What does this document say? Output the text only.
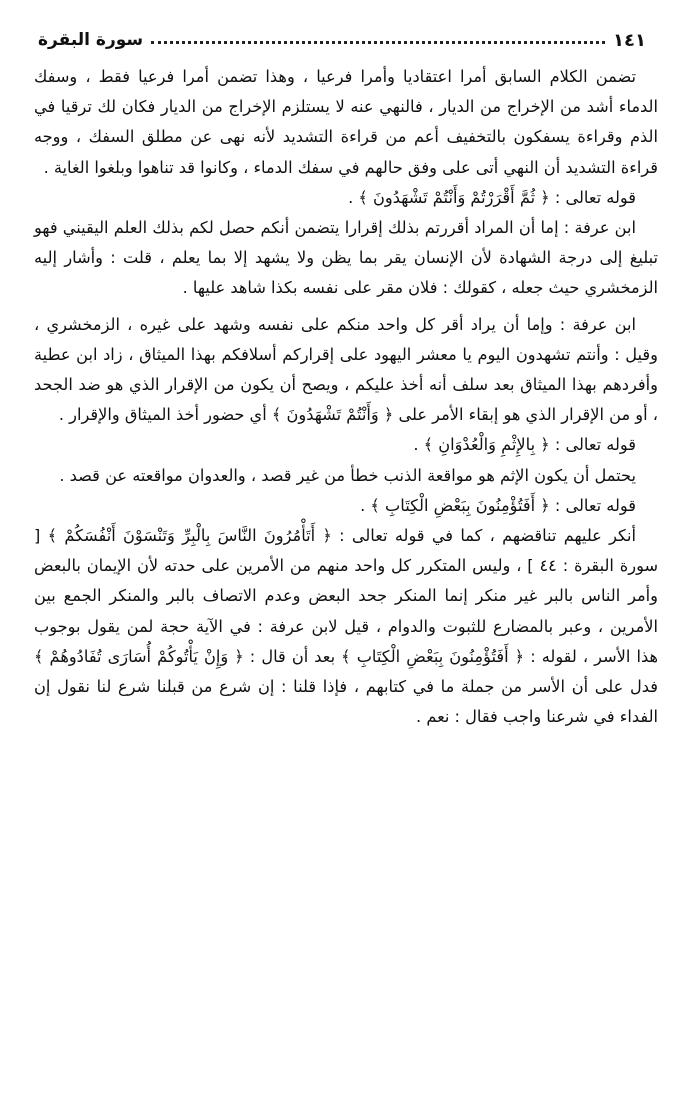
سورة البقرة	١٤١

تضمن الكلام السابق أمرا اعتقاديا وأمرا فرعيا ، وهذا تضمن أمرا فرعيا فقط ، وسفك الدماء أشد من الإخراج من الديار ، فالنهي عنه لا يستلزم الإخراج من الديار فكان لك ترقيا في الذم وقراءة يسفكون بالتخفيف أعم من قراءة التشديد لأنه نهى عن مطلق السفك ، ووجه قراءة التشديد أن النهي أتى على وفق حالهم في سفك الدماء ، وكانوا قد تناهوا وبلغوا الغاية .

قوله تعالى : ﴿ ثُمَّ أَقْرَرْتُمْ وَأَنْتُمْ تَشْهَدُونَ ﴾ .

ابن عرفة : إما أن المراد أقررتم بذلك إقرارا يتضمن أنكم حصل لكم بذلك العلم اليقيني فهو تبليغ إلى درجة الشهادة لأن الإنسان يقر بما يظن ولا يشهد إلا بما يعلم ، قلت : وأشار إليه الزمخشري حيث جعله ، كقولك : فلان مقر على نفسه بكذا شاهد عليها .

ابن عرفة : وإما أن يراد أقر كل واحد منكم على نفسه وشهد على غيره ، الزمخشري ، وقيل : وأنتم تشهدون اليوم يا معشر اليهود على إقراركم أسلافكم بهذا الميثاق ، زاد ابن عطية وأفردهم بهذا الميثاق بعد سلف أنه أخذ عليكم ، ويصح أن يكون من الإقرار الذي هو ضد الجحد ، أو من الإقرار الذي هو إبقاء الأمر على ﴿ وَأَنْتُمْ تَشْهَدُونَ ﴾ أي حضور أخذ الميثاق والإقرار .

قوله تعالى : ﴿ بِالإِثْمِ وَالْعُدْوَانِ ﴾ .

يحتمل أن يكون الإثم هو مواقعة الذنب خطأ من غير قصد ، والعدوان مواقعته عن قصد .

قوله تعالى : ﴿ أَفَتُؤْمِنُونَ بِبَعْضِ الْكِتَابِ ﴾ .

أنكر عليهم تناقضهم ، كما في قوله تعالى : ﴿ أَتَأْمُرُونَ النَّاسَ بِالْبِرِّ وَتَنْسَوْنَ أَنْفُسَكُمْ ﴾ [ سورة البقرة : ٤٤ ] ، وليس المتكرر كل واحد منهم من الأمرين على حدته لأن الإيمان بالبعض وأمر الناس بالبر غير منكر إنما المنكر جحد البعض وعدم الاتصاف بالبر والمنكر الجمع بين الأمرين ، وعبر بالمضارع للثبوت والدوام ، قيل لابن عرفة : في الآية حجة لمن يقول بوجوب هذا الأسر ، لقوله : ﴿ أَفَتُؤْمِنُونَ بِبَعْضِ الْكِتَابِ ﴾ بعد أن قال : ﴿ وَإِنْ يَأْتُوكُمْ أُسَارَى تُفَادُوهُمْ ﴾ فدل على أن الأسر من جملة ما في كتابهم ، فإذا قلنا : إن شرع من قبلنا شرع لنا نقول إن الفداء في شرعنا واجب فقال : نعم .
